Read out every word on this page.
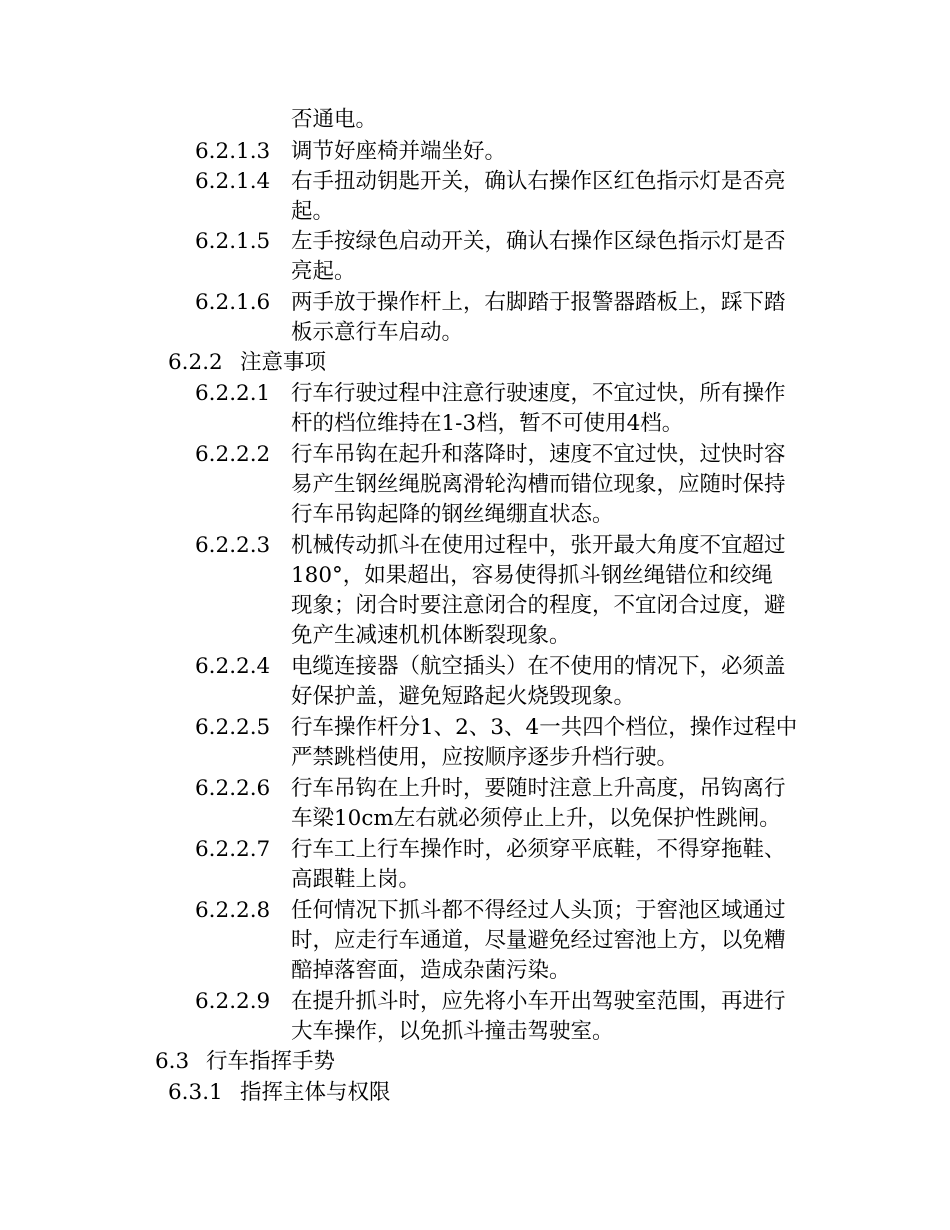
否通电。
6.2.1.3 调节好座椅并端坐好。
6.2.1.4 右手扭动钥匙开关，确认右操作区红色指示灯是否亮
起。
6.2.1.5 左手按绿色启动开关，确认右操作区绿色指示灯是否
亮起。
6.2.1.6 两手放于操作杆上，右脚踏于报警器踏板上，踩下踏
板示意行车启动。
6.2.2 注意事项
6.2.2.1 行车行驶过程中注意行驶速度，不宜过快，所有操作
杆的档位维持在1-3档，暂不可使用4档。
6.2.2.2 行车吊钩在起升和落降时，速度不宜过快，过快时容
易产生钢丝绳脱离滑轮沟槽而错位现象，应随时保持
行车吊钩起降的钢丝绳绷直状态。
6.2.2.3 机械传动抓斗在使用过程中，张开最大角度不宜超过
180°，如果超出，容易使得抓斗钢丝绳错位和绞绳
现象；闭合时要注意闭合的程度，不宜闭合过度，避
免产生减速机机体断裂现象。
6.2.2.4 电缆连接器（航空插头）在不使用的情况下，必须盖
好保护盖，避免短路起火烧毁现象。
6.2.2.5 行车操作杆分1、2、3、4一共四个档位，操作过程中
严禁跳档使用，应按顺序逐步升档行驶。
6.2.2.6 行车吊钩在上升时，要随时注意上升高度，吊钩离行
车梁10cm左右就必须停止上升，以免保护性跳闸。
6.2.2.7 行车工上行车操作时，必须穿平底鞋，不得穿拖鞋、
高跟鞋上岗。
6.2.2.8 任何情况下抓斗都不得经过人头顶；于窖池区域通过
时，应走行车通道，尽量避免经过窖池上方，以免糟
醅掉落窖面，造成杂菌污染。
6.2.2.9 在提升抓斗时，应先将小车开出驾驶室范围，再进行
大车操作，以免抓斗撞击驾驶室。
6.3 行车指挥手势
6.3.1 指挥主体与权限
